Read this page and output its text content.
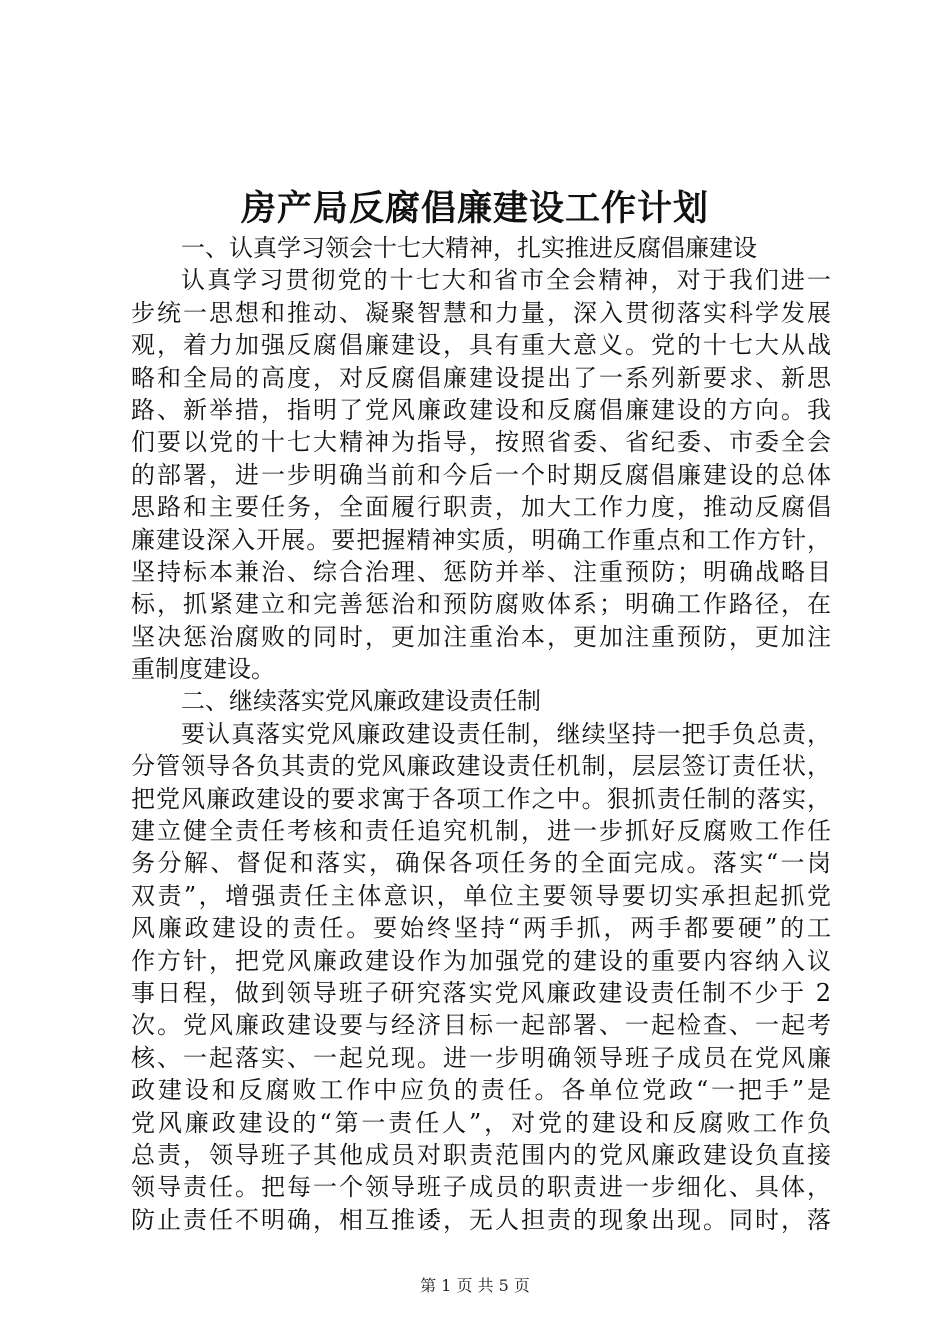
房产局反腐倡廉建设工作计划
一、认真学习领会十七大精神，扎实推进反腐倡廉建设
认真学习贯彻党的十七大和省市全会精神，对于我们进一
步统一思想和推动、凝聚智慧和力量，深入贯彻落实科学发展
观，着力加强反腐倡廉建设，具有重大意义。党的十七大从战
略和全局的高度，对反腐倡廉建设提出了一系列新要求、新思
路、新举措，指明了党风廉政建设和反腐倡廉建设的方向。我
们要以党的十七大精神为指导，按照省委、省纪委、市委全会
的部署，进一步明确当前和今后一个时期反腐倡廉建设的总体
思路和主要任务，全面履行职责，加大工作力度，推动反腐倡
廉建设深入开展。要把握精神实质，明确工作重点和工作方针，
坚持标本兼治、综合治理、惩防并举、注重预防；明确战略目
标，抓紧建立和完善惩治和预防腐败体系；明确工作路径，在
坚决惩治腐败的同时，更加注重治本，更加注重预防，更加注
重制度建设。
二、继续落实党风廉政建设责任制
要认真落实党风廉政建设责任制，继续坚持一把手负总责，
分管领导各负其责的党风廉政建设责任机制，层层签订责任状，
把党风廉政建设的要求寓于各项工作之中。狠抓责任制的落实，
建立健全责任考核和责任追究机制，进一步抓好反腐败工作任
务分解、督促和落实，确保各项任务的全面完成。落实“一岗
双责”，增强责任主体意识，单位主要领导要切实承担起抓党
风廉政建设的责任。要始终坚持“两手抓，两手都要硬”的工
作方针，把党风廉政建设作为加强党的建设的重要内容纳入议
事日程，做到领导班子研究落实党风廉政建设责任制不少于 2
次。党风廉政建设要与经济目标一起部署、一起检查、一起考
核、一起落实、一起兑现。进一步明确领导班子成员在党风廉
政建设和反腐败工作中应负的责任。各单位党政“一把手”是
党风廉政建设的“第一责任人”，对党的建设和反腐败工作负
总责，领导班子其他成员对职责范围内的党风廉政建设负直接
领导责任。把每一个领导班子成员的职责进一步细化、具体，
防止责任不明确，相互推诿，无人担责的现象出现。同时，落
第 1 页 共 5 页
